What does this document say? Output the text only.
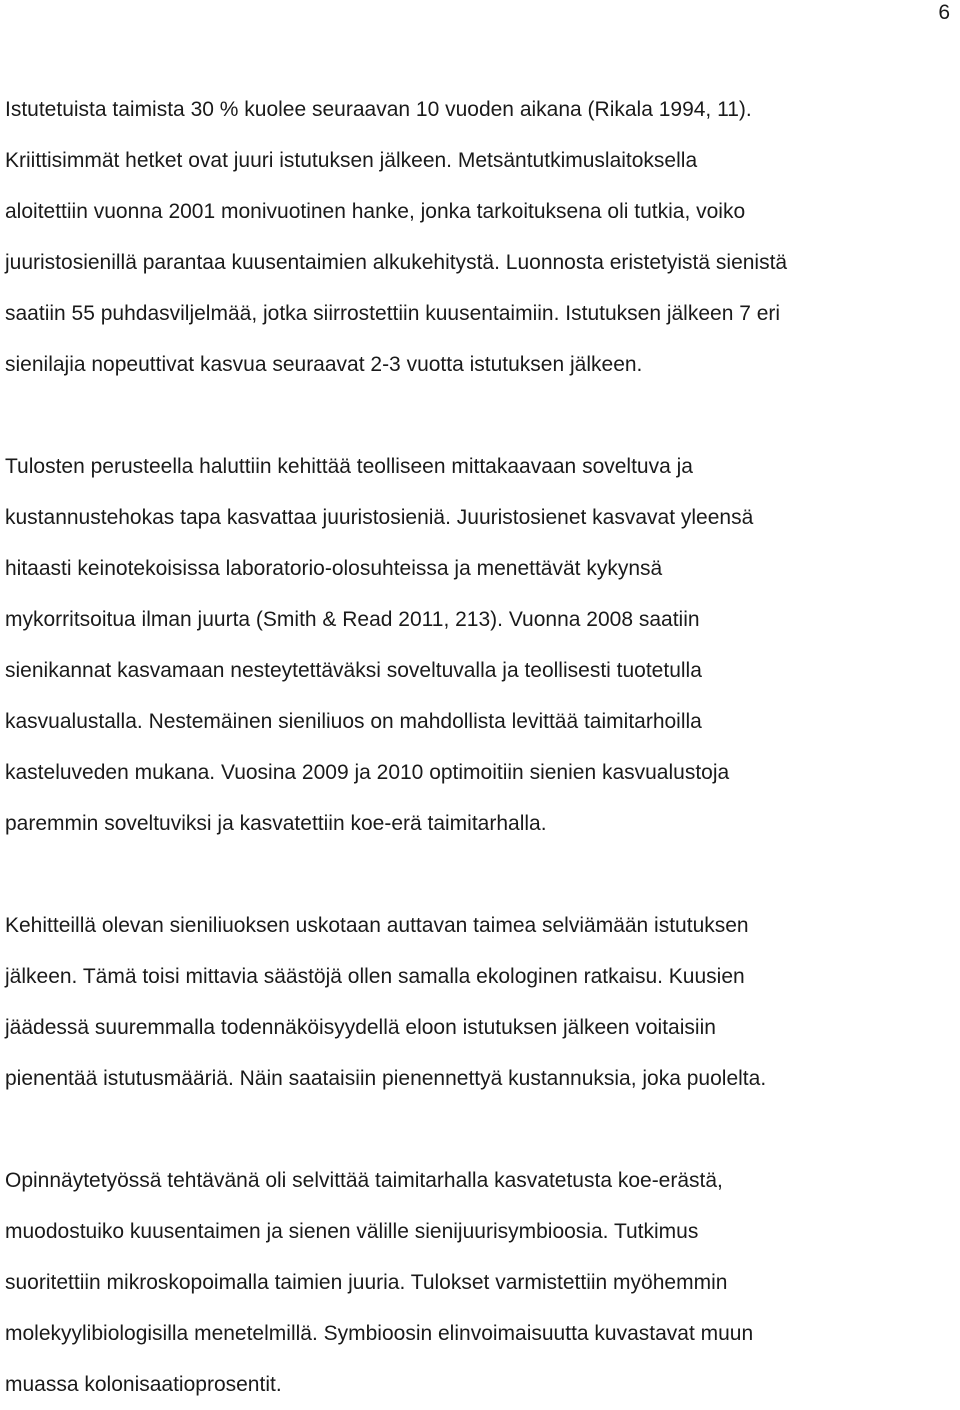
6

Istutetuista taimista 30 % kuolee seuraavan 10 vuoden aikana (Rikala 1994, 11).
Kriittisimmät hetket ovat juuri istutuksen jälkeen. Metsäntutkimuslaitoksella
aloitettiin vuonna 2001 monivuotinen hanke, jonka tarkoituksena oli tutkia, voiko
juuristosienillä parantaa kuusentaimien alkukehitystä. Luonnosta eristetyistä sienistä
saatiin 55 puhdasviljelmää, jotka siirrostettiin kuusentaimiin. Istutuksen jälkeen 7 eri
sienilajia nopeuttivat kasvua seuraavat 2-3 vuotta istutuksen jälkeen.

Tulosten perusteella haluttiin kehittää teolliseen mittakaavaan soveltuva ja
kustannustehokas tapa kasvattaa juuristosieniä. Juuristosienet kasvavat yleensä
hitaasti keinotekoisissa laboratorio-olosuhteissa ja menettävät kykynsä
mykorritsoitua ilman juurta (Smith & Read 2011, 213). Vuonna 2008 saatiin
sienikannat kasvamaan nesteytettäväksi soveltuvalla ja teollisesti tuotetulla
kasvualustalla. Nestemäinen sieniliuos on mahdollista levittää taimitarhoilla
kasteluveden mukana. Vuosina 2009 ja 2010 optimoitiin sienien kasvualustoja
paremmin soveltuviksi ja kasvatettiin koe-erä taimitarhalla.

Kehitteillä olevan sieniliuoksen uskotaan auttavan taimea selviämään istutuksen
jälkeen. Tämä toisi mittavia säästöjä ollen samalla ekologinen ratkaisu. Kuusien
jäädessä suuremmalla todennäköisyydellä eloon istutuksen jälkeen voitaisiin
pienentää istutusmääriä. Näin saataisiin pienennettyä kustannuksia, joka puolelta.

Opinnäytetyössä tehtävänä oli selvittää taimitarhalla kasvatetusta koe-erästä,
muodostuiko kuusentaimen ja sienen välille sienijuurisymbioosia. Tutkimus
suoritettiin mikroskopoimalla taimien juuria. Tulokset varmistettiin myöhemmin
molekyylibiologisilla menetelmillä. Symbioosin elinvoimaisuutta kuvastavat muun
muassa kolonisaatioprosentit.
